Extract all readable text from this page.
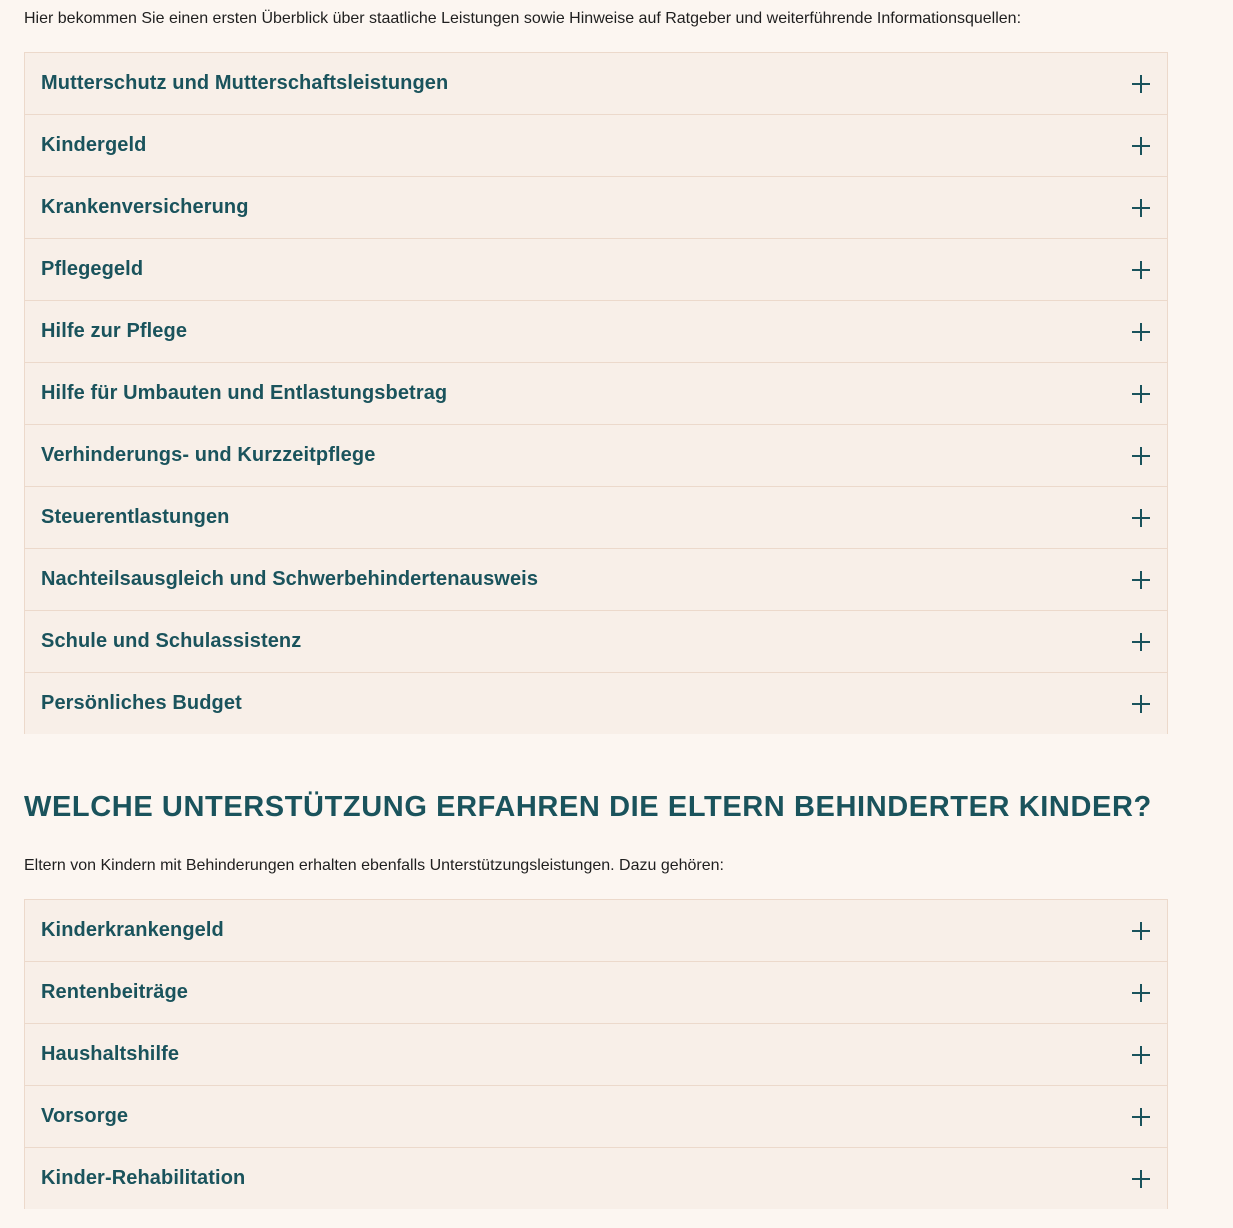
Hier bekommen Sie einen ersten Überblick über staatliche Leistungen sowie Hinweise auf Ratgeber und weiterführende Informationsquellen:

Mutterschutz und Mutterschaftsleistungen
Kindergeld
Krankenversicherung
Pflegegeld
Hilfe zur Pflege
Hilfe für Umbauten und Entlastungsbetrag
Verhinderungs- und Kurzzeitpflege
Steuerentlastungen
Nachteilsausgleich und Schwerbehindertenausweis
Schule und Schulassistenz
Persönliches Budget
WELCHE UNTERSTÜTZUNG ERFAHREN DIE ELTERN BEHINDERTER KINDER?

Eltern von Kindern mit Behinderungen erhalten ebenfalls Unterstützungsleistungen. Dazu gehören:

Kinderkrankengeld
Rentenbeiträge
Haushaltshilfe
Vorsorge
Kinder-Rehabilitation
